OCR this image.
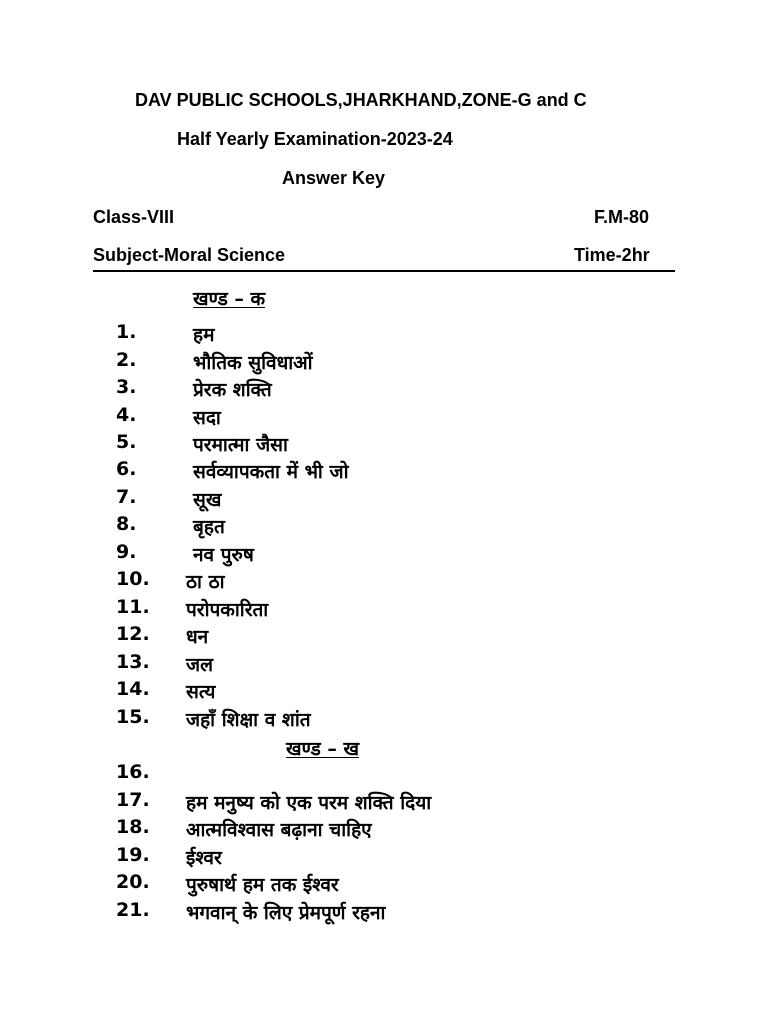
DAV PUBLIC SCHOOLS,JHARKHAND,ZONE-G and C
Half Yearly Examination-2023-24
Answer Key
Class-VIII	F.M-80
Subject-Moral Science	Time-2hr
खण्ड – क
खण्ड – ख
1.	हम
2.	भौतिक सुविधाओं
3.	प्रेरक शक्ति
4.	सदा
5.	परमात्मा जैसा
6.	सर्वव्यापकता में भी जो
7.	सूख
8.	बृहत
9.	नव पुरुष
10. ठा ठा
11. परोपकारिता
12. धन
13. जल
14. सत्य
15. जहाँ शिक्षा व शांत
16.
17. हम मनुष्य को एक परम शक्ति दिया
18. आत्मविश्वास बढ़ाना चाहिए
19. ईश्वर
20. पुरुषार्थ हम तक ईश्वर
21. भगवान् के लिए प्रेमपूर्ण रहना
